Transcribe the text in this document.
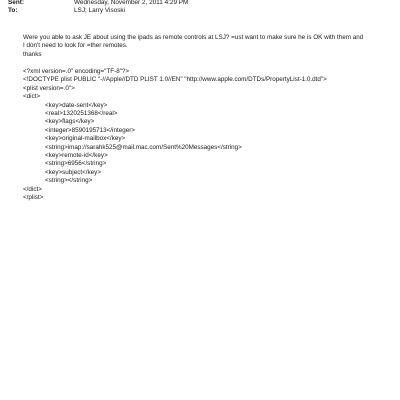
Sent:	Wednesday, November 2, 2011 4:29 PM
To:	LSJ; Larry Visoski

Were you able to ask JE about using the ipads as remote controls at LSJ? =ust want to make sure he is OK with them and

I don't need to look for =ther remotes.

thanks

<?xml version=.0" encoding="TF-8"?>
<!DOCTYPE plist PUBLIC "-//Apple//DTD PLIST 1.0//EN" "http://www.apple.com/DTDs/PropertyList-1.0.dtd">
<plist version=.0">
<dict>
<key>date-sent</key>
<real>1320251368</real>
<key>flags</key>
<integer>8590195713</integer>
<key>original-mailbox</key>
<string>imap://sarahk525@mail.mac.com/Sent%20Messages</string>
<key>remote-id</key>
<string>6956</string>
<key>subject</key>
<string></string>
</dict>
</plist>
